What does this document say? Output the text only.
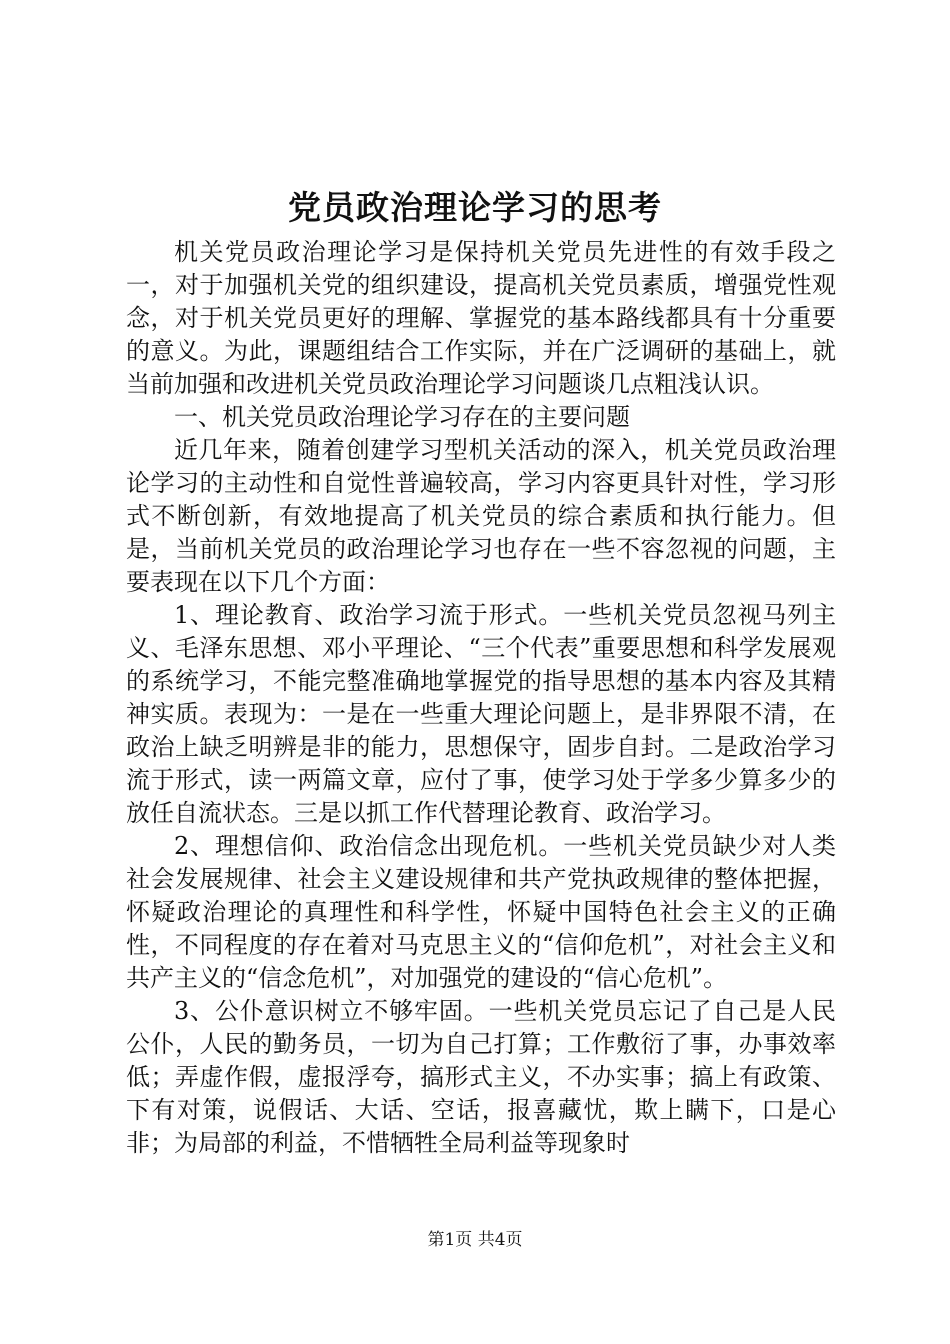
党员政治理论学习的思考

机关党员政治理论学习是保持机关党员先进性的有效手段之一，对于加强机关党的组织建设，提高机关党员素质，增强党性观念，对于机关党员更好的理解、掌握党的基本路线都具有十分重要的意义。为此，课题组结合工作实际，并在广泛调研的基础上，就当前加强和改进机关党员政治理论学习问题谈几点粗浅认识。

一、机关党员政治理论学习存在的主要问题

近几年来，随着创建学习型机关活动的深入，机关党员政治理论学习的主动性和自觉性普遍较高，学习内容更具针对性，学习形式不断创新，有效地提高了机关党员的综合素质和执行能力。但是，当前机关党员的政治理论学习也存在一些不容忽视的问题，主要表现在以下几个方面：

1、理论教育、政治学习流于形式。一些机关党员忽视马列主义、毛泽东思想、邓小平理论、“三个代表”重要思想和科学发展观的系统学习，不能完整准确地掌握党的指导思想的基本内容及其精神实质。表现为：一是在一些重大理论问题上，是非界限不清，在政治上缺乏明辨是非的能力，思想保守，固步自封。二是政治学习流于形式，读一两篇文章，应付了事，使学习处于学多少算多少的放任自流状态。三是以抓工作代替理论教育、政治学习。

2、理想信仰、政治信念出现危机。一些机关党员缺少对人类社会发展规律、社会主义建设规律和共产党执政规律的整体把握，怀疑政治理论的真理性和科学性，怀疑中国特色社会主义的正确性，不同程度的存在着对马克思主义的“信仰危机”，对社会主义和共产主义的“信念危机”，对加强党的建设的“信心危机”。

3、公仆意识树立不够牢固。一些机关党员忘记了自己是人民公仆，人民的勤务员，一切为自己打算；工作敷衍了事，办事效率低；弄虚作假，虚报浮夸，搞形式主义，不办实事；搞上有政策、下有对策，说假话、大话、空话，报喜藏忧，欺上瞒下，口是心非；为局部的利益，不惜牺牲全局利益等现象时

第1页 共4页
